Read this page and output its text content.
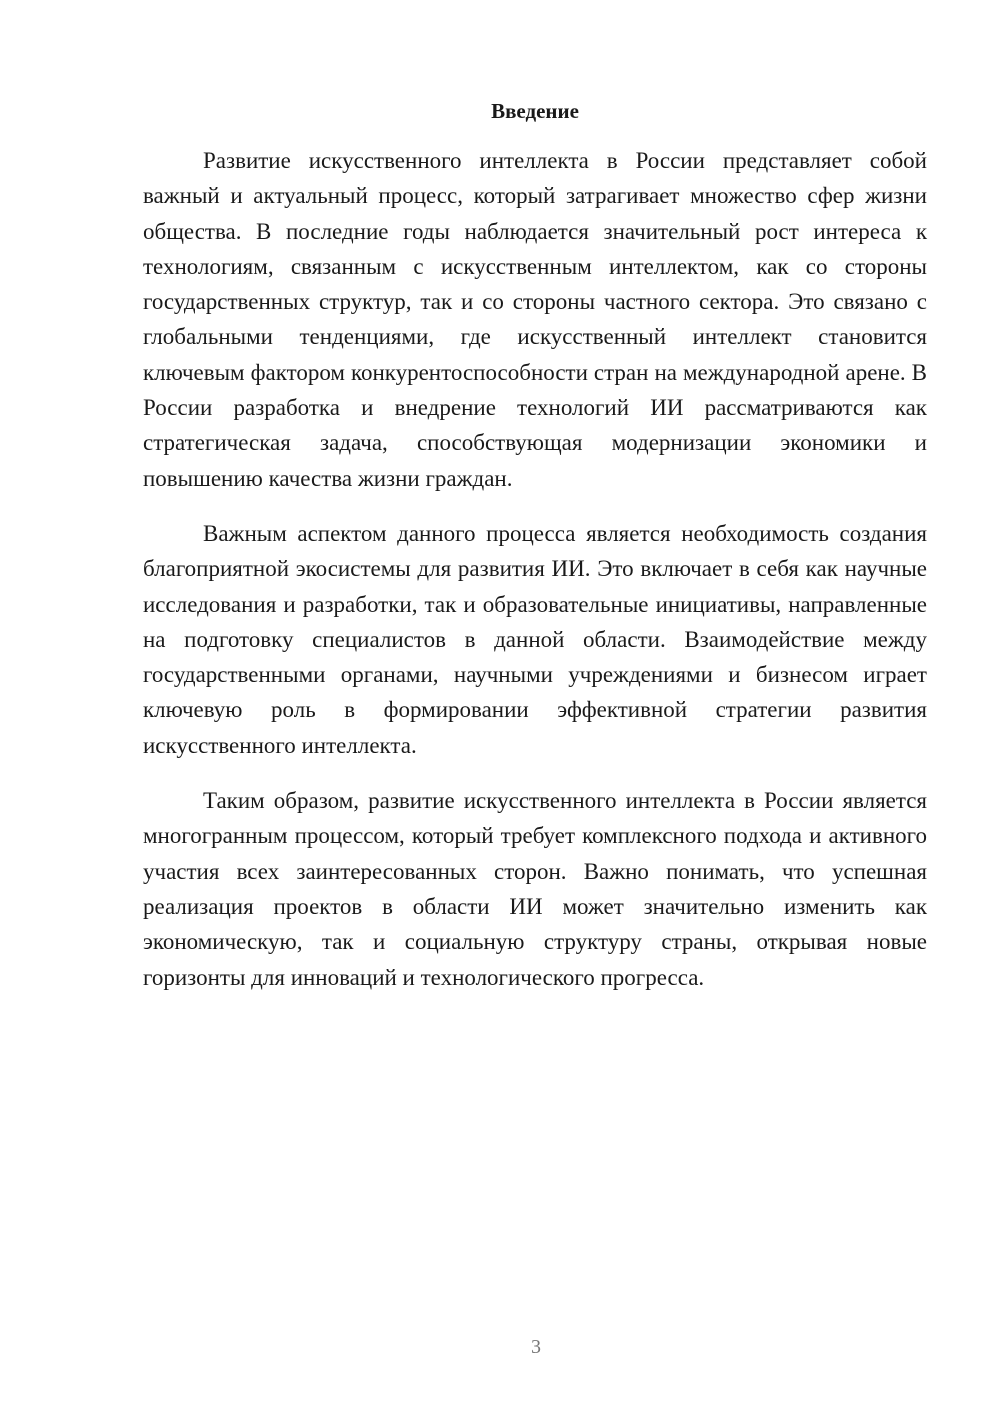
Введение

Развитие искусственного интеллекта в России представляет собой важный и актуальный процесс, который затрагивает множество сфер жизни общества. В последние годы наблюдается значительный рост интереса к технологиям, связанным с искусственным интеллектом, как со стороны государственных структур, так и со стороны частного сектора. Это связано с глобальными тенденциями, где искусственный интеллект становится ключевым фактором конкурентоспособности стран на международной арене. В России разработка и внедрение технологий ИИ рассматриваются как стратегическая задача, способствующая модернизации экономики и повышению качества жизни граждан.

Важным аспектом данного процесса является необходимость создания благоприятной экосистемы для развития ИИ. Это включает в себя как научные исследования и разработки, так и образовательные инициативы, направленные на подготовку специалистов в данной области. Взаимодействие между государственными органами, научными учреждениями и бизнесом играет ключевую роль в формировании эффективной стратегии развития искусственного интеллекта.

Таким образом, развитие искусственного интеллекта в России является многогранным процессом, который требует комплексного подхода и активного участия всех заинтересованных сторон. Важно понимать, что успешная реализация проектов в области ИИ может значительно изменить как экономическую, так и социальную структуру страны, открывая новые горизонты для инноваций и технологического прогресса.

3
